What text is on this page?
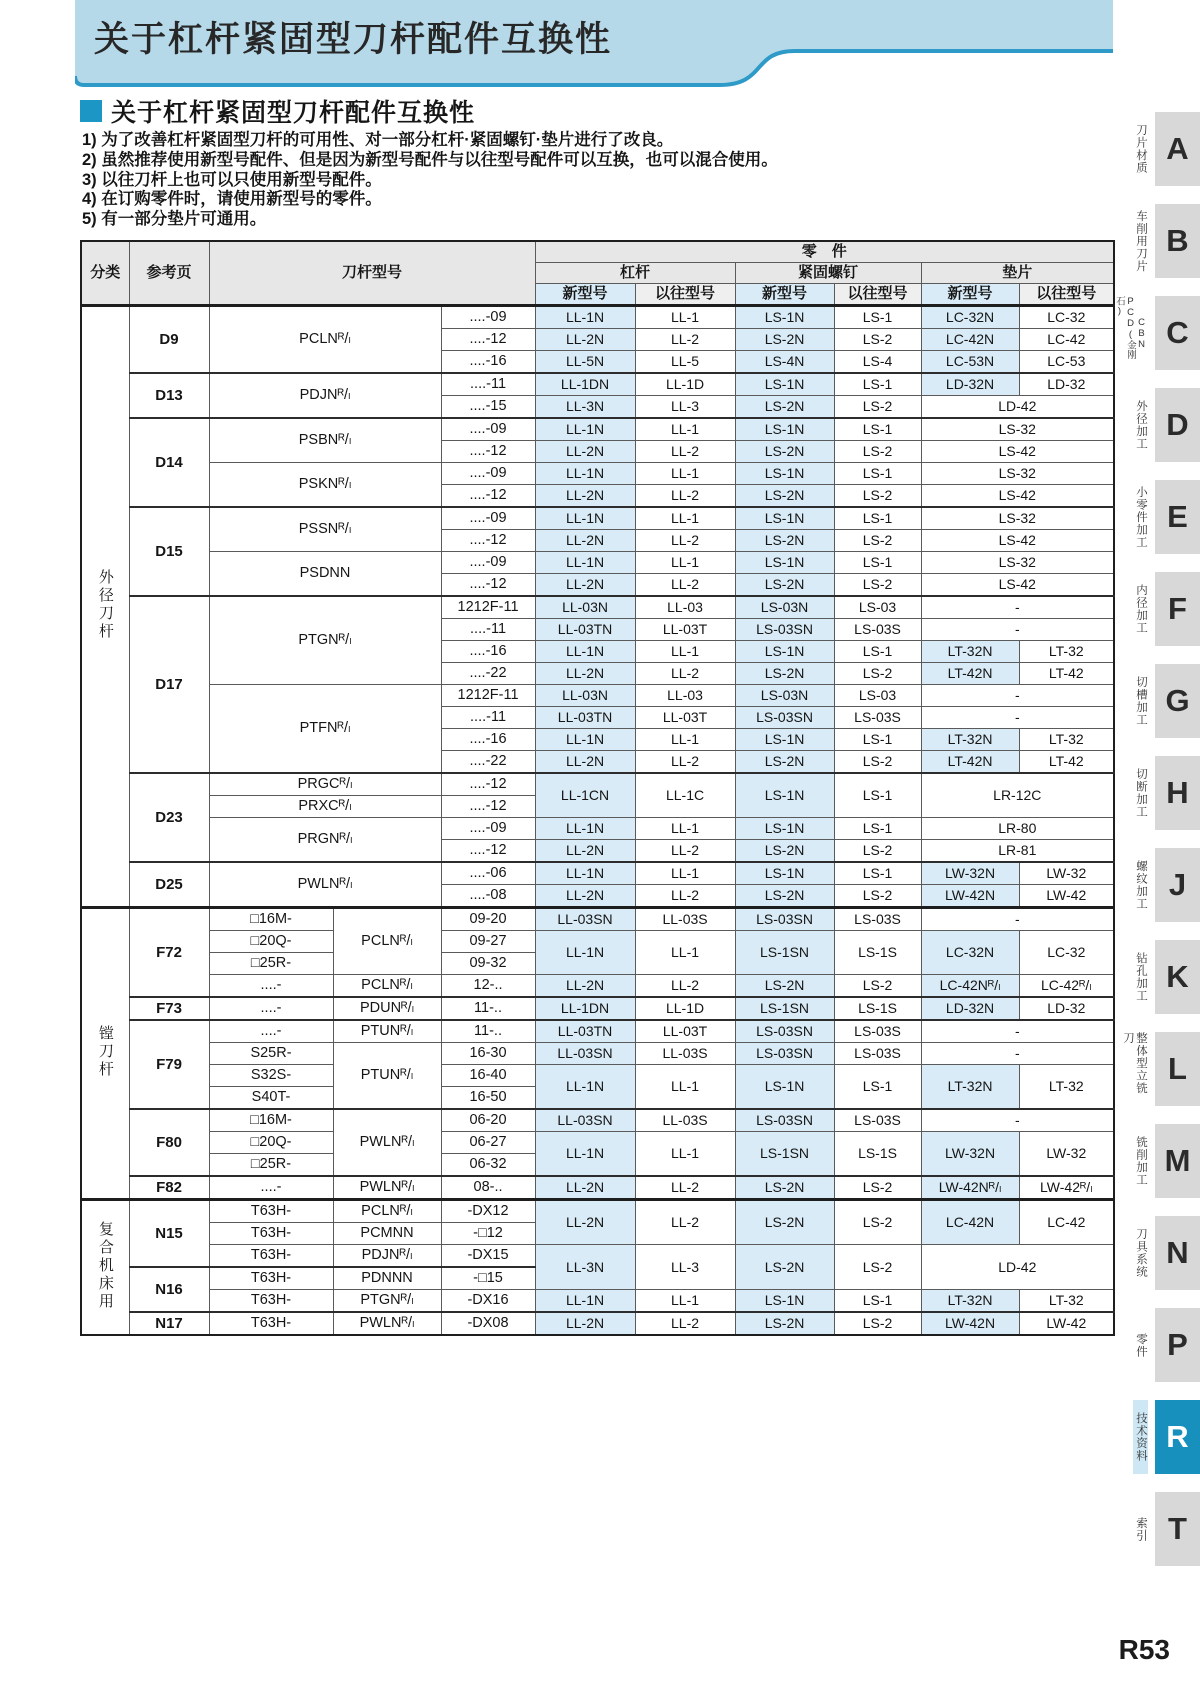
关于杠杆紧固型刀杆配件互换性
关于杠杆紧固型刀杆配件互换性
1) 为了改善杠杆紧固型刀杆的可用性、对一部分杠杆·紧固螺钉·垫片进行了改良。
2) 虽然推荐使用新型号配件、但是因为新型号配件与以往型号配件可以互换，也可以混合使用。
3) 以往刀杆上也可以只使用新型号配件。
4) 在订购零件时，请使用新型号的零件。
5) 有一部分垫片可通用。
分类	参考页	刀杆型号			零　件					
					杠杆		紧固螺钉		垫片	
					新型号	以往型号	新型号	以往型号	新型号	以往型号
外径刀杆	D9	PCLNᴿ/ₗ		....-09	LL-1N	LL-1	LS-1N	LS-1	LC-32N	LC-32
				....-12	LL-2N	LL-2	LS-2N	LS-2	LC-42N	LC-42
				....-16	LL-5N	LL-5	LS-4N	LS-4	LC-53N	LC-53
	D13	PDJNᴿ/ₗ		....-11	LL-1DN	LL-1D	LS-1N	LS-1	LD-32N	LD-32
				....-15	LL-3N	LL-3	LS-2N	LS-2	LD-42	
	D14	PSBNᴿ/ₗ		....-09	LL-1N	LL-1	LS-1N	LS-1	LS-32	
				....-12	LL-2N	LL-2	LS-2N	LS-2	LS-42	
		PSKNᴿ/ₗ		....-09	LL-1N	LL-1	LS-1N	LS-1	LS-32	
				....-12	LL-2N	LL-2	LS-2N	LS-2	LS-42	
	D15	PSSNᴿ/ₗ		....-09	LL-1N	LL-1	LS-1N	LS-1	LS-32	
				....-12	LL-2N	LL-2	LS-2N	LS-2	LS-42	
		PSDNN		....-09	LL-1N	LL-1	LS-1N	LS-1	LS-32	
				....-12	LL-2N	LL-2	LS-2N	LS-2	LS-42	
	D17	PTGNᴿ/ₗ		1212F-11	LL-03N	LL-03	LS-03N	LS-03	-	
				....-11	LL-03TN	LL-03T	LS-03SN	LS-03S	-	
				....-16	LL-1N	LL-1	LS-1N	LS-1	LT-32N	LT-32
				....-22	LL-2N	LL-2	LS-2N	LS-2	LT-42N	LT-42
		PTFNᴿ/ₗ		1212F-11	LL-03N	LL-03	LS-03N	LS-03	-	
				....-11	LL-03TN	LL-03T	LS-03SN	LS-03S	-	
				....-16	LL-1N	LL-1	LS-1N	LS-1	LT-32N	LT-32
				....-22	LL-2N	LL-2	LS-2N	LS-2	LT-42N	LT-42
	D23	PRGCᴿ/ₗ		....-12	LL-1CN	LL-1C	LS-1N	LS-1	LR-12C	
		PRXCᴿ/ₗ		....-12						
		PRGNᴿ/ₗ		....-09	LL-1N	LL-1	LS-1N	LS-1	LR-80	
				....-12	LL-2N	LL-2	LS-2N	LS-2	LR-81	
	D25	PWLNᴿ/ₗ		....-06	LL-1N	LL-1	LS-1N	LS-1	LW-32N	LW-32
				....-08	LL-2N	LL-2	LS-2N	LS-2	LW-42N	LW-42
镗刀杆	F72	□16M-	PCLNᴿ/ₗ	09-20	LL-03SN	LL-03S	LS-03SN	LS-03S	-	
		□20Q-		09-27	LL-1N	LL-1	LS-1SN	LS-1S	LC-32N	LC-32
		□25R-		09-32						
		....-	PCLNᴿ/ₗ	12-..	LL-2N	LL-2	LS-2N	LS-2	LC-42Nᴿ/ₗ	LC-42ᴿ/ₗ
	F73	....-	PDUNᴿ/ₗ	11-..	LL-1DN	LL-1D	LS-1SN	LS-1S	LD-32N	LD-32
	F79	....-	PTUNᴿ/ₗ	11-..	LL-03TN	LL-03T	LS-03SN	LS-03S	-	
		S25R-	PTUNᴿ/ₗ	16-30	LL-03SN	LL-03S	LS-03SN	LS-03S	-	
		S32S-		16-40	LL-1N	LL-1	LS-1N	LS-1	LT-32N	LT-32
		S40T-		16-50						
	F80	□16M-	PWLNᴿ/ₗ	06-20	LL-03SN	LL-03S	LS-03SN	LS-03S	-	
		□20Q-		06-27	LL-1N	LL-1	LS-1SN	LS-1S	LW-32N	LW-32
		□25R-		06-32						
	F82	....-	PWLNᴿ/ₗ	08-..	LL-2N	LL-2	LS-2N	LS-2	LW-42Nᴿ/ₗ	LW-42ᴿ/ₗ
复合机床用	N15	T63H-	PCLNᴿ/ₗ	-DX12	LL-2N	LL-2	LS-2N	LS-2	LC-42N	LC-42
		T63H-	PCMNN	-□12						
		T63H-	PDJNᴿ/ₗ	-DX15	LL-3N	LL-3	LS-2N	LS-2	LD-42	
	N16	T63H-	PDNNN	-□15						
		T63H-	PTGNᴿ/ₗ	-DX16	LL-1N	LL-1	LS-1N	LS-1	LT-32N	LT-32
	N17	T63H-	PWLNᴿ/ₗ	-DX08	LL-2N	LL-2	LS-2N	LS-2	LW-42N	LW-42
刀片材质 A
车削用刀片 B
PCD(金刚石)
CBN C
外径加工 D
小零件加工 E
内径加工 F
切槽加工 G
切断加工 H
螺纹加工 J
钻孔加工 K
整体型立铣刀
L
铣削加工 M
刀具系统 N
零件 P
技术资料 R
索引 T
R53
